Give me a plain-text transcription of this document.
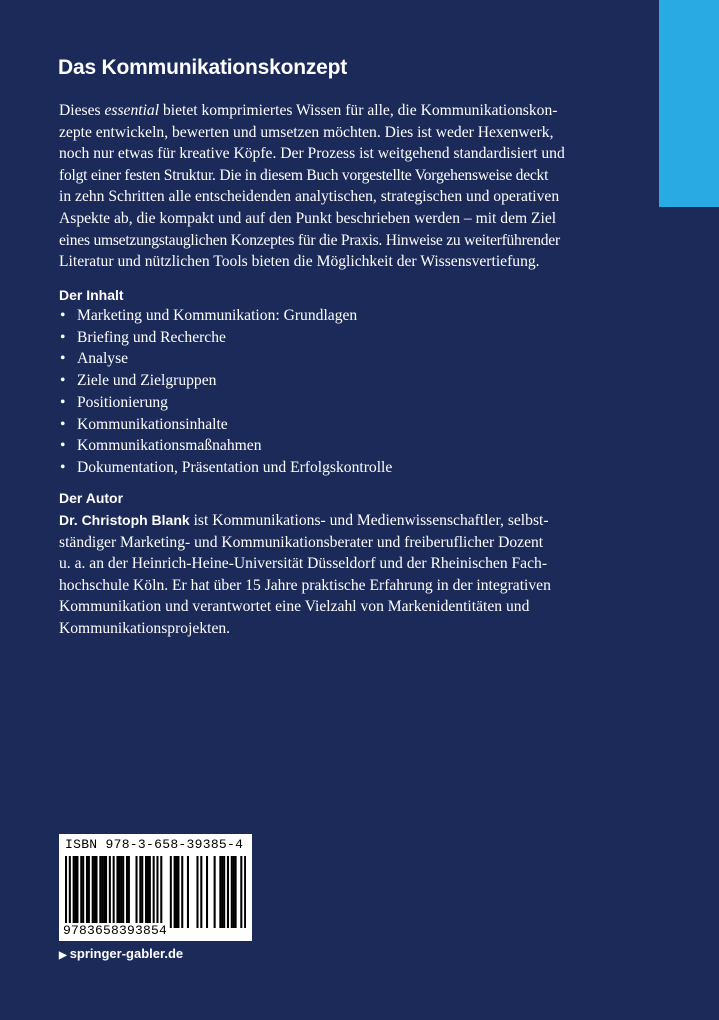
Das Kommunikationskonzept
Dieses essential bietet komprimiertes Wissen für alle, die Kommunikationskon-
zepte entwickeln, bewerten und umsetzen möchten. Dies ist weder Hexenwerk,
noch nur etwas für kreative Köpfe. Der Prozess ist weitgehend standardisiert und
folgt einer festen Struktur. Die in diesem Buch vorgestellte Vorgehensweise deckt
in zehn Schritten alle entscheidenden analytischen, strategischen und operativen
Aspekte ab, die kompakt und auf den Punkt beschrieben werden – mit dem Ziel
eines umsetzungstauglichen Konzeptes für die Praxis. Hinweise zu weiterführender
Literatur und nützlichen Tools bieten die Möglichkeit der Wissensvertiefung.
Der Inhalt
• Marketing und Kommunikation: Grundlagen
• Briefing und Recherche
• Analyse
• Ziele und Zielgruppen
• Positionierung
• Kommunikationsinhalte
• Kommunikationsmaßnahmen
• Dokumentation, Präsentation und Erfolgskontrolle
Der Autor
Dr. Christoph Blank ist Kommunikations- und Medienwissenschaftler, selbst-
ständiger Marketing- und Kommunikationsberater und freiberuflicher Dozent
u. a. an der Heinrich-Heine-Universität Düsseldorf und der Rheinischen Fach-
hochschule Köln. Er hat über 15 Jahre praktische Erfahrung in der integrativen
Kommunikation und verantwortet eine Vielzahl von Markenidentitäten und
Kommunikationsprojekten.
ISBN 978-3-658-39385-4
9783658393854
▶ springer-gabler.de
